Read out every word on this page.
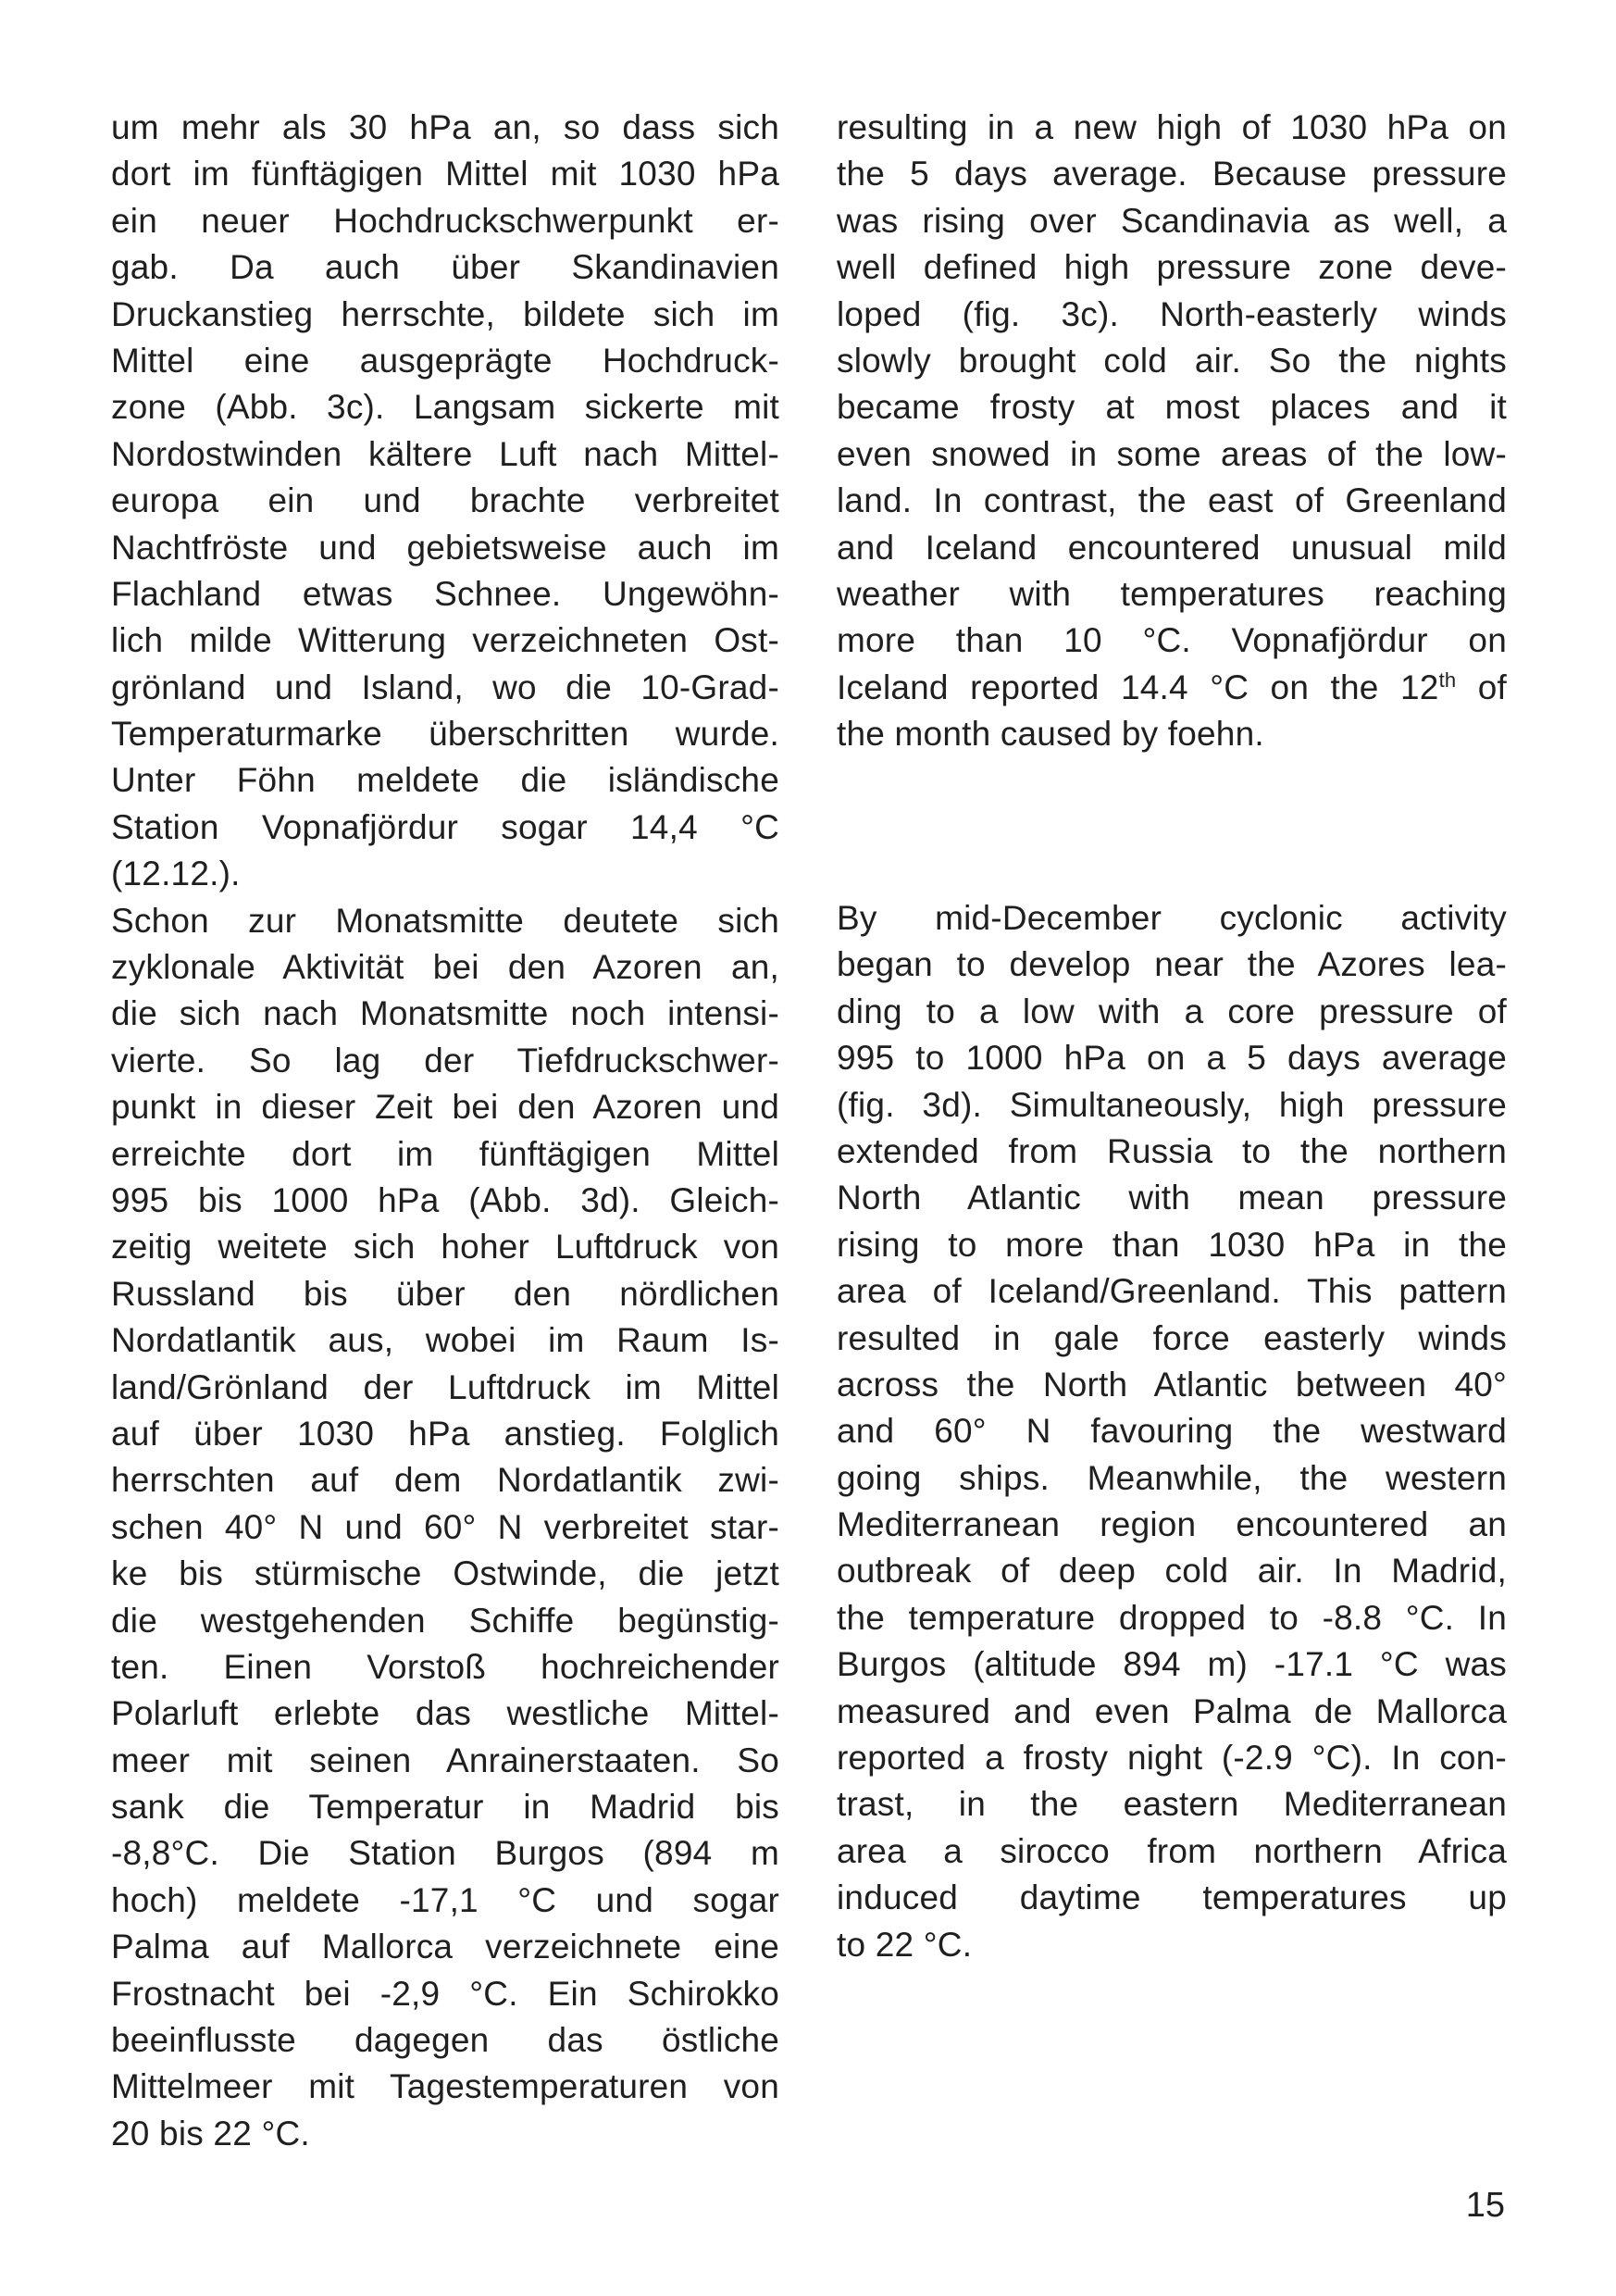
um mehr als 30 hPa an, so dass sich
dort im fünftägigen Mittel mit 1030 hPa
ein neuer Hochdruckschwerpunkt er-
gab. Da auch über Skandinavien
Druckanstieg herrschte, bildete sich im
Mittel eine ausgeprägte Hochdruck-
zone (Abb. 3c). Langsam sickerte mit
Nordostwinden kältere Luft nach Mittel-
europa ein und brachte verbreitet
Nachtfröste und gebietsweise auch im
Flachland etwas Schnee. Ungewöhn-
lich milde Witterung verzeichneten Ost-
grönland und Island, wo die 10-Grad-
Temperaturmarke überschritten wurde.
Unter Föhn meldete die isländische
Station Vopnafjördur sogar 14,4 °C
(12.12.).
Schon zur Monatsmitte deutete sich
zyklonale Aktivität bei den Azoren an,
die sich nach Monatsmitte noch intensi-
vierte. So lag der Tiefdruckschwer-
punkt in dieser Zeit bei den Azoren und
erreichte dort im fünftägigen Mittel
995 bis 1000 hPa (Abb. 3d). Gleich-
zeitig weitete sich hoher Luftdruck von
Russland bis über den nördlichen
Nordatlantik aus, wobei im Raum Is-
land/Grönland der Luftdruck im Mittel
auf über 1030 hPa anstieg. Folglich
herrschten auf dem Nordatlantik zwi-
schen 40° N und 60° N verbreitet star-
ke bis stürmische Ostwinde, die jetzt
die westgehenden Schiffe begünstig-
ten. Einen Vorstoß hochreichender
Polarluft erlebte das westliche Mittel-
meer mit seinen Anrainerstaaten. So
sank die Temperatur in Madrid bis
-8,8°C. Die Station Burgos (894 m
hoch) meldete -17,1 °C und sogar
Palma auf Mallorca verzeichnete eine
Frostnacht bei -2,9 °C. Ein Schirokko
beeinflusste dagegen das östliche
Mittelmeer mit Tagestemperaturen von
20 bis 22 °C.
resulting in a new high of 1030 hPa on
the 5 days average. Because pressure
was rising over Scandinavia as well, a
well defined high pressure zone deve-
loped (fig. 3c). North-easterly winds
slowly brought cold air. So the nights
became frosty at most places and it
even snowed in some areas of the low-
land. In contrast, the east of Greenland
and Iceland encountered unusual mild
weather with temperatures reaching
more than 10 °C. Vopnafjördur on
Iceland reported 14.4 °C on the 12th of
the month caused by foehn.
By mid-December cyclonic activity
began to develop near the Azores lea-
ding to a low with a core pressure of
995 to 1000 hPa on a 5 days average
(fig. 3d). Simultaneously, high pressure
extended from Russia to the northern
North Atlantic with mean pressure
rising to more than 1030 hPa in the
area of Iceland/Greenland. This pattern
resulted in gale force easterly winds
across the North Atlantic between 40°
and 60° N favouring the westward
going ships. Meanwhile, the western
Mediterranean region encountered an
outbreak of deep cold air. In Madrid,
the temperature dropped to -8.8 °C. In
Burgos (altitude 894 m) -17.1 °C was
measured and even Palma de Mallorca
reported a frosty night (-2.9 °C). In con-
trast, in the eastern Mediterranean
area a sirocco from northern Africa
induced daytime temperatures up
to 22 °C.
15
